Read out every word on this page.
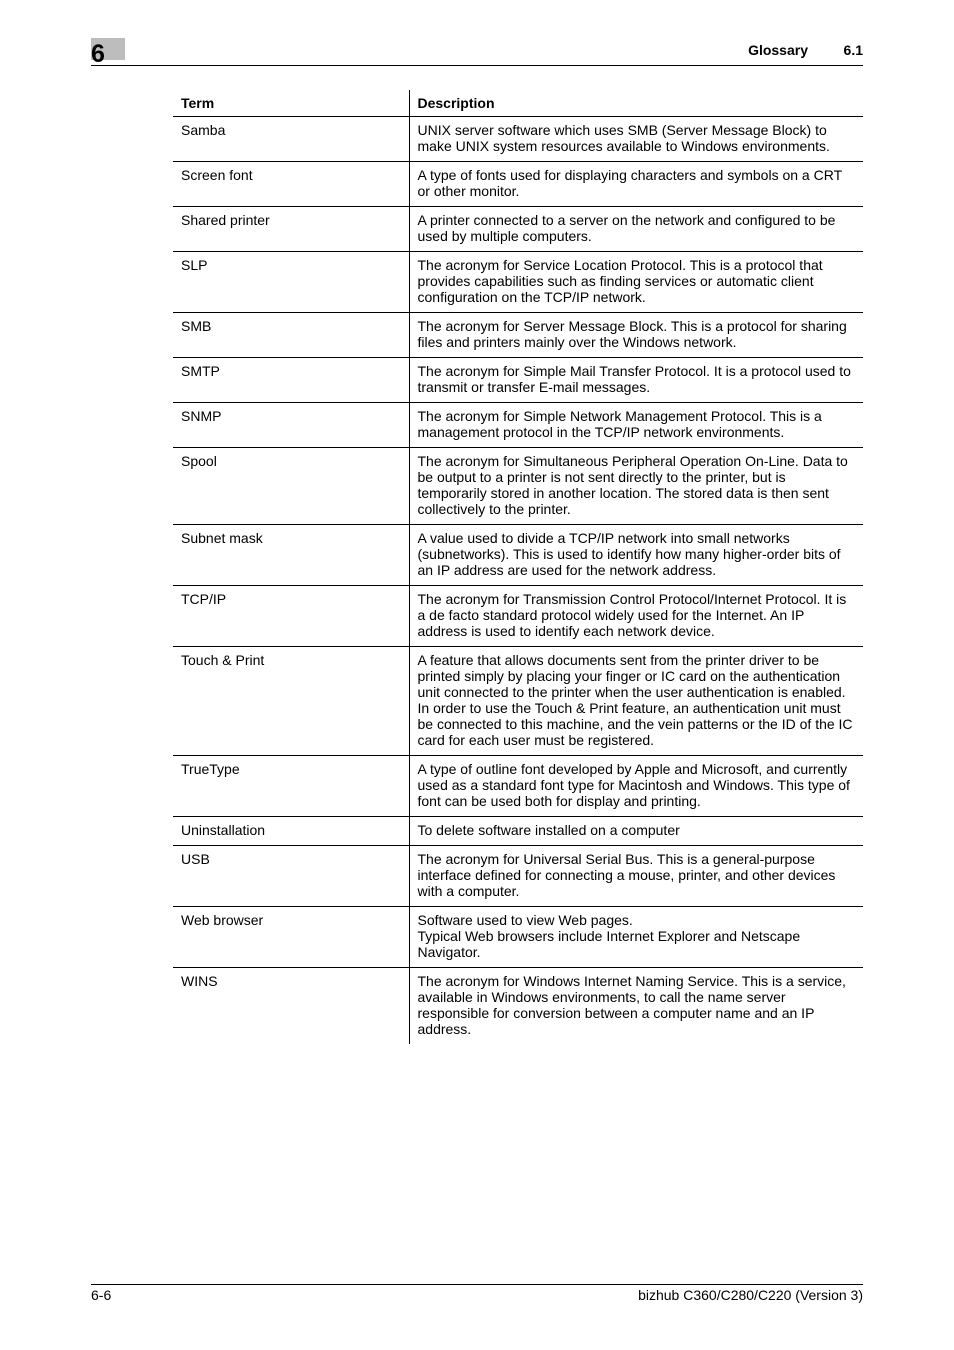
6	Glossary	6.1
Term	Description
Samba	UNIX server software which uses SMB (Server Message Block) to make UNIX system resources available to Windows environments.
Screen font	A type of fonts used for displaying characters and symbols on a CRT or other monitor.
Shared printer	A printer connected to a server on the network and configured to be used by multiple computers.
SLP	The acronym for Service Location Protocol. This is a protocol that provides capabilities such as finding services or automatic client configuration on the TCP/IP network.
SMB	The acronym for Server Message Block. This is a protocol for sharing files and printers mainly over the Windows network.
SMTP	The acronym for Simple Mail Transfer Protocol. It is a protocol used to transmit or transfer E-mail messages.
SNMP	The acronym for Simple Network Management Protocol. This is a management protocol in the TCP/IP network environments.
Spool	The acronym for Simultaneous Peripheral Operation On-Line. Data to be output to a printer is not sent directly to the printer, but is temporarily stored in another location. The stored data is then sent collectively to the printer.
Subnet mask	A value used to divide a TCP/IP network into small networks (subnetworks). This is used to identify how many higher-order bits of an IP address are used for the network address.
TCP/IP	The acronym for Transmission Control Protocol/Internet Protocol. It is a de facto standard protocol widely used for the Internet. An IP address is used to identify each network device.
Touch & Print	A feature that allows documents sent from the printer driver to be printed simply by placing your finger or IC card on the authentication unit connected to the printer when the user authentication is enabled. In order to use the Touch & Print feature, an authentication unit must be connected to this machine, and the vein patterns or the ID of the IC card for each user must be registered.
TrueType	A type of outline font developed by Apple and Microsoft, and currently used as a standard font type for Macintosh and Windows. This type of font can be used both for display and printing.
Uninstallation	To delete software installed on a computer
USB	The acronym for Universal Serial Bus. This is a general-purpose interface defined for connecting a mouse, printer, and other devices with a computer.
Web browser	Software used to view Web pages.
Typical Web browsers include Internet Explorer and Netscape Navigator.
WINS	The acronym for Windows Internet Naming Service. This is a service, available in Windows environments, to call the name server responsible for conversion between a computer name and an IP address.
6-6	bizhub C360/C280/C220 (Version 3)
